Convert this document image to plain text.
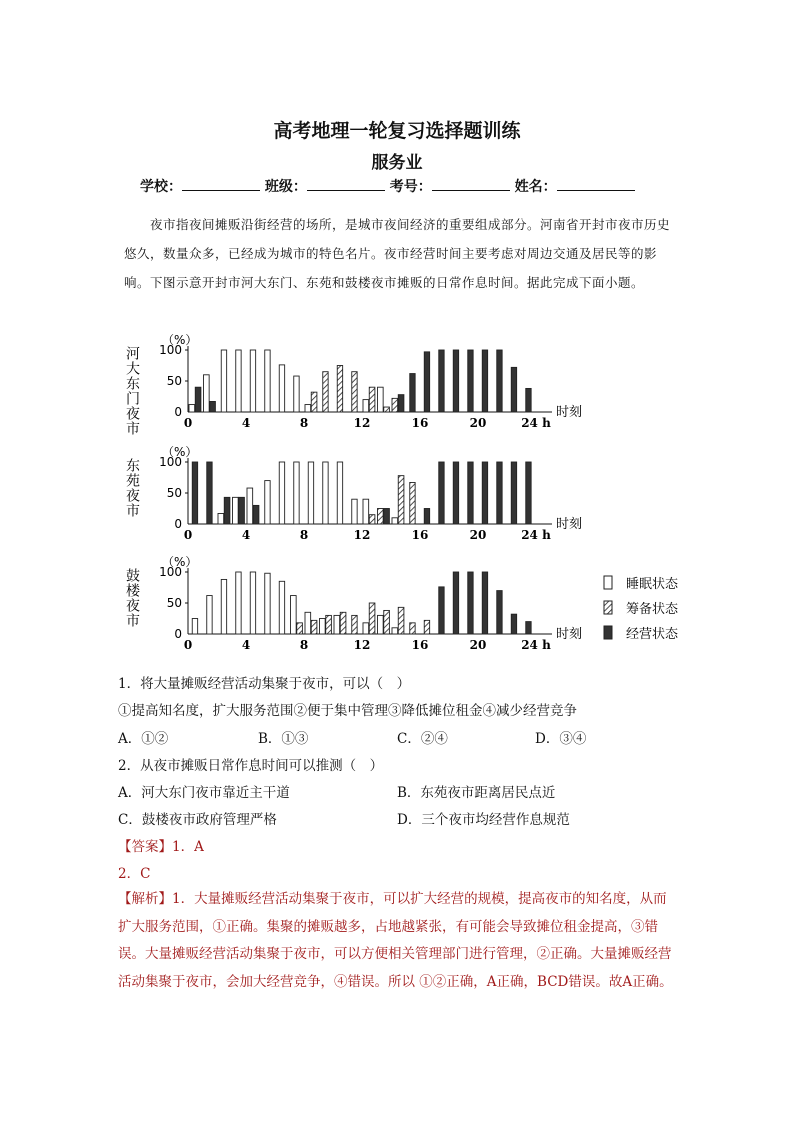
高考地理一轮复习选择题训练
服务业
学校：	班级：	考号：	姓名：
夜市指夜间摊贩沿街经营的场所，是城市夜间经济的重要组成部分。河南省开封市夜市历史悠久，数量众多，已经成为城市的特色名片。夜市经营时间主要考虑对周边交通及居民等的影响。下图示意开封市河大东门、东苑和鼓楼夜市摊贩的日常作息时间。据此完成下面小题。
河大东门夜市
（%）
0
50
100
时刻
0	4	8	12	16	20	24 h
东苑夜市
（%）
0
50
100
时刻
0	4	8	12	16	20	24 h
鼓楼夜市
（%）
0
50
100
时刻
0	4	8	12	16	20	24 h
睡眠状态
筹备状态
经营状态
1．将大量摊贩经营活动集聚于夜市，可以（　）
①提高知名度，扩大服务范围②便于集中管理③降低摊位租金④减少经营竞争
A．①②	B．①③	C．②④	D．③④
2．从夜市摊贩日常作息时间可以推测（　）
A．河大东门夜市靠近主干道	B．东苑夜市距离居民点近
C．鼓楼夜市政府管理严格	D．三个夜市均经营作息规范
【答案】1．A
2．C
【解析】1．大量摊贩经营活动集聚于夜市，可以扩大经营的规模，提高夜市的知名度，从而扩大服务范围，①正确。集聚的摊贩越多，占地越紧张，有可能会导致摊位租金提高，③错误。大量摊贩经营活动集聚于夜市，可以方便相关管理部门进行管理，②正确。大量摊贩经营活动集聚于夜市，会加大经营竞争，④错误。所以 ①②正确，A正确，BCD错误。故A正确。
